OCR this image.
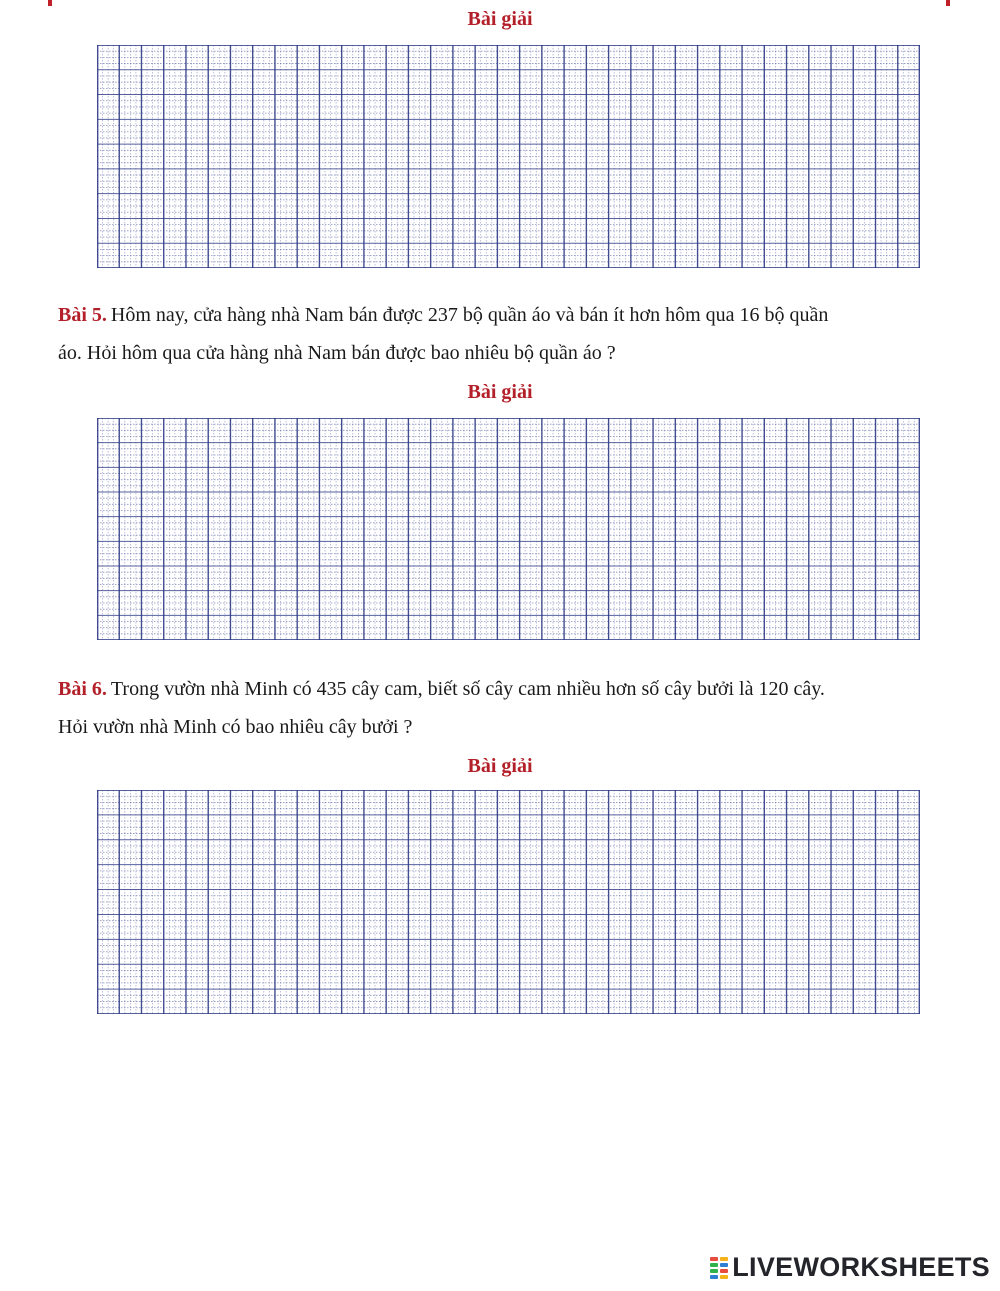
Bài giải
Bài 5. Hôm nay, cửa hàng nhà Nam bán được 237 bộ quần áo và bán ít hơn hôm qua 16 bộ quần
áo. Hỏi hôm qua cửa hàng nhà Nam bán được bao nhiêu bộ quần áo ?
Bài giải
Bài 6. Trong vườn nhà Minh có 435 cây cam, biết số cây cam nhiều hơn số cây bưởi là 120 cây.
Hỏi vườn nhà Minh có bao nhiêu cây bưởi ?
Bài giải
LIVEWORKSHEETS
